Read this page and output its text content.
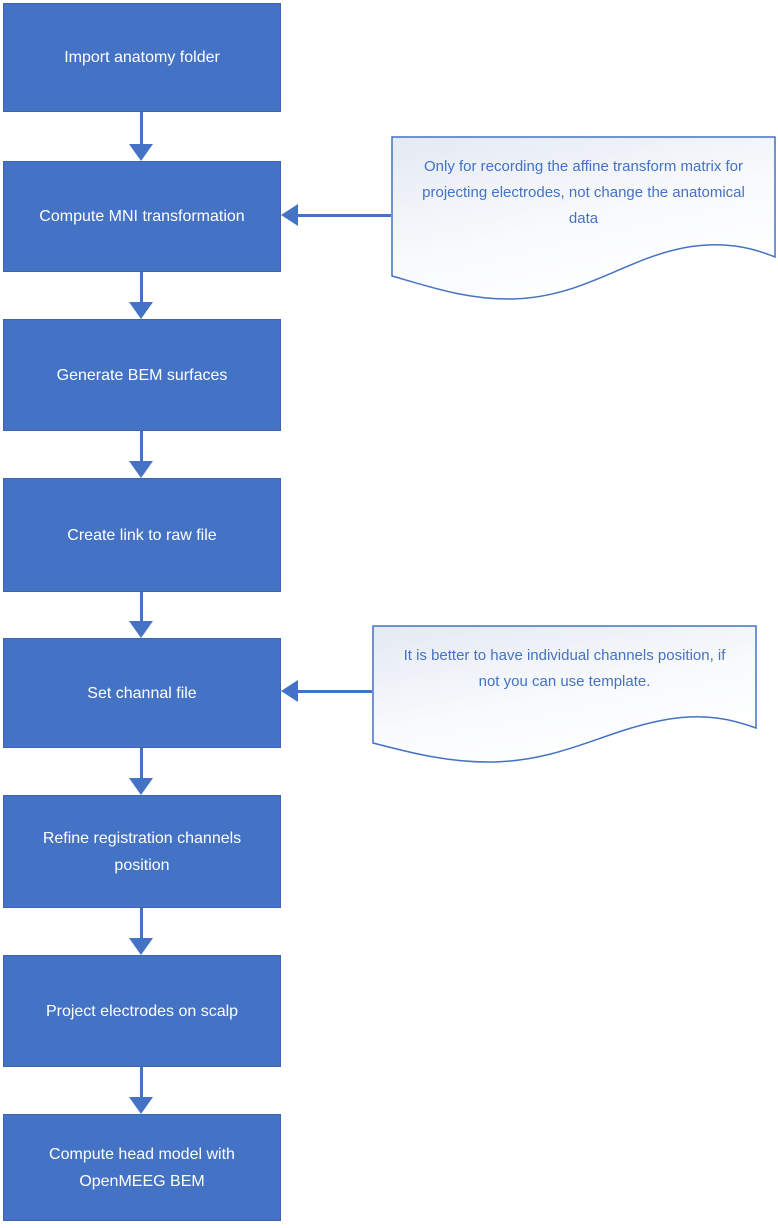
Import anatomy folder
Compute MNI transformation
Generate BEM surfaces
Create link to raw file
Set channal file
Refine registration channels position
Project electrodes on scalp
Compute head model with OpenMEEG BEM
Only for recording the affine transform matrix for projecting electrodes, not change the anatomical data
It is better to have individual channels position, if not you can use template.
